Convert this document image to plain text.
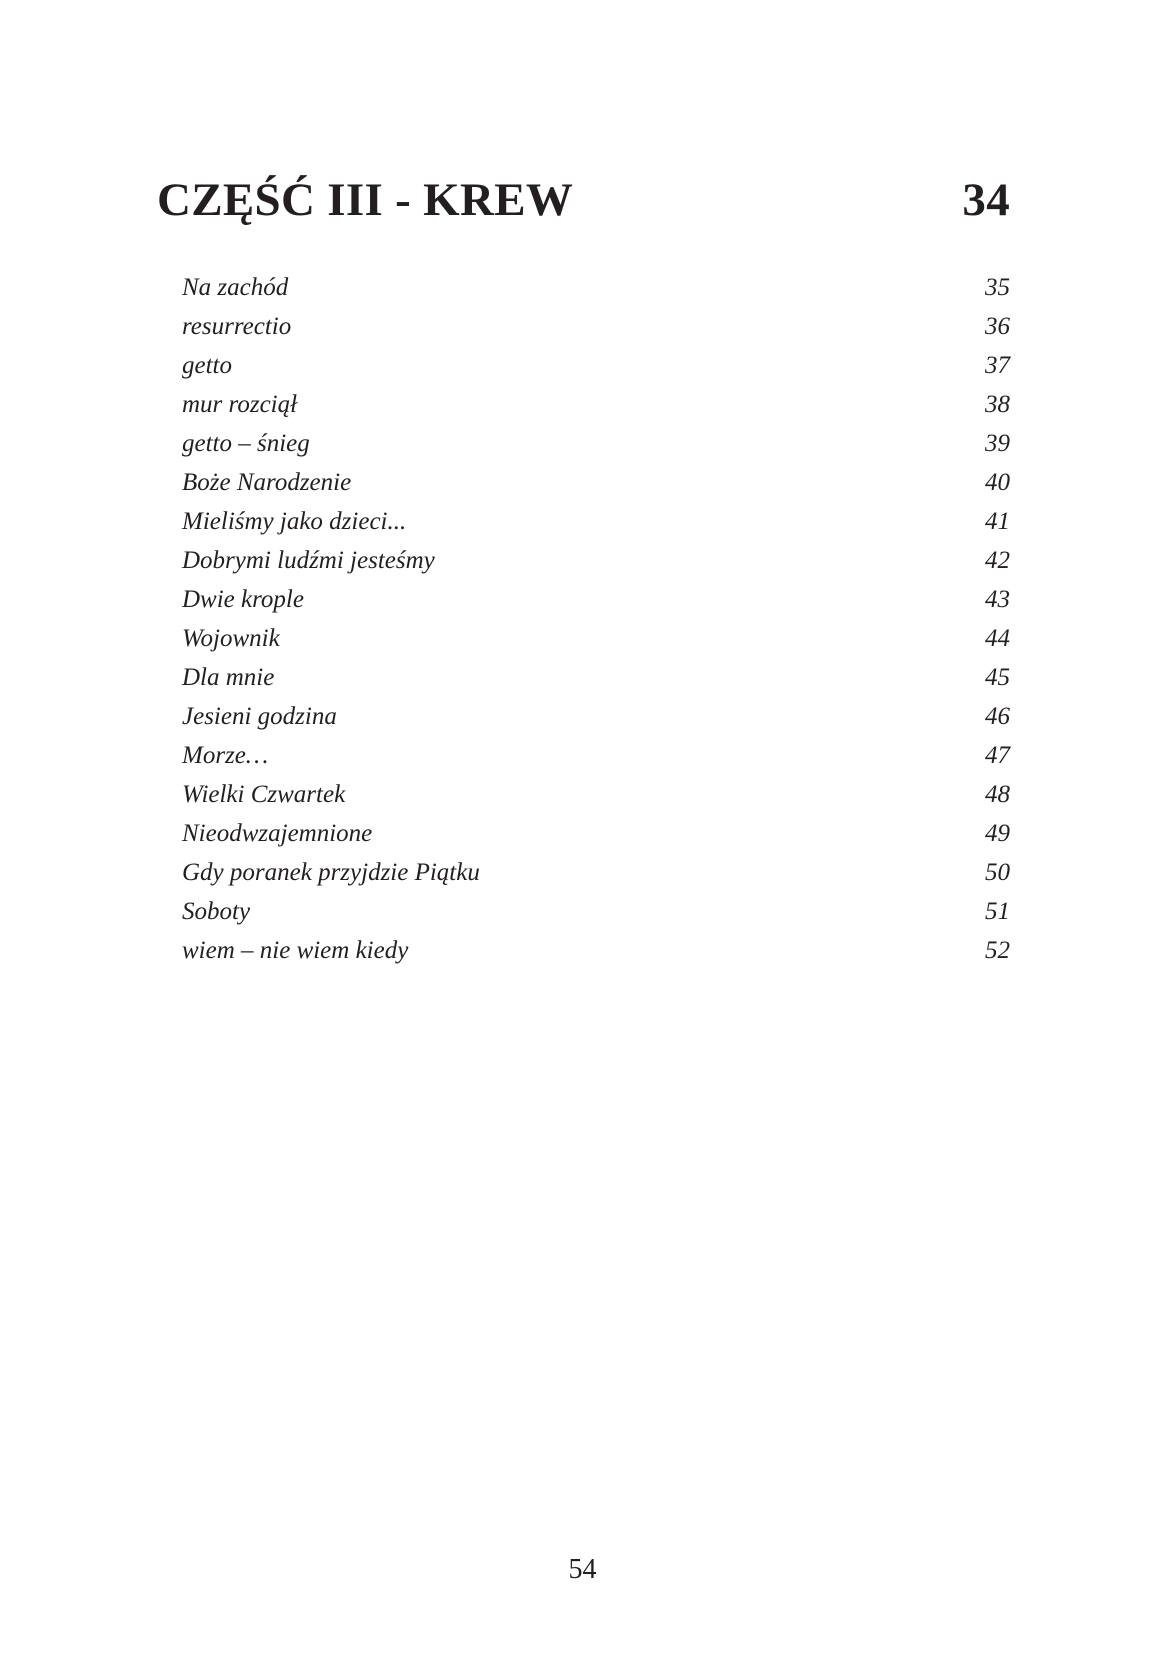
CZĘŚĆ III - KREW	34
Na zachód	35
resurrectio	36
getto	37
mur rozciął	38
getto – śnieg	39
Boże Narodzenie	40
Mieliśmy jako dzieci...	41
Dobrymi ludźmi jesteśmy	42
Dwie krople	43
Wojownik	44
Dla mnie	45
Jesieni godzina	46
Morze…	47
Wielki Czwartek	48
Nieodwzajemnione	49
Gdy poranek przyjdzie Piątku	50
Soboty	51
wiem – nie wiem kiedy	52
54
